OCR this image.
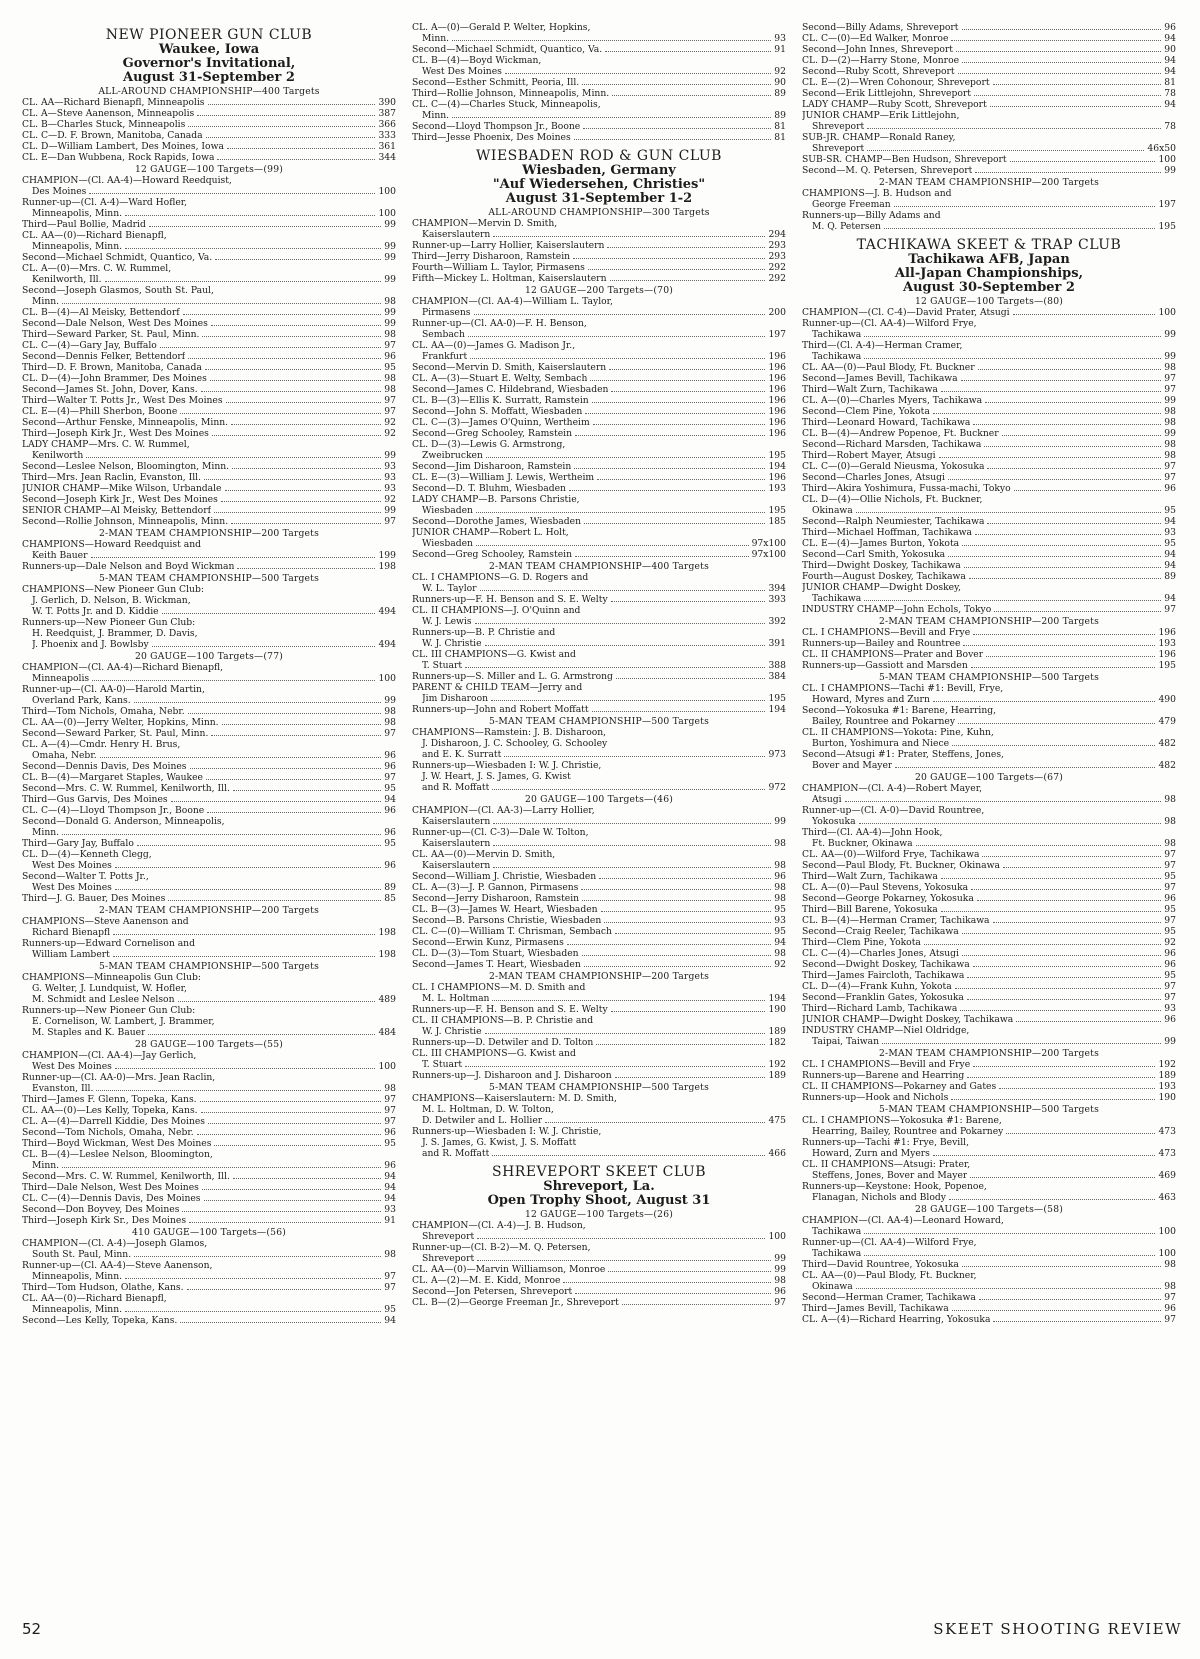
NEW PIONEER GUN CLUB
Waukee, Iowa
Governor's Invitational,
August 31-September 2
ALL-AROUND CHAMPIONSHIP—400 Targets
CL. AA—Richard Bienapfl, Minneapolis	390
CL. A—Steve Aanenson, Minneapolis	387
CL. B—Charles Stuck, Minneapolis	366
CL. C—D. F. Brown, Manitoba, Canada	333
CL. D—William Lambert, Des Moines, Iowa	361
CL. E—Dan Wubbena, Rock Rapids, Iowa	344
12 GAUGE—100 Targets—(99)
CHAMPION—(Cl. AA-4)—Howard Reedquist,
Des Moines	100
Runner-up—(Cl. A-4)—Ward Hofler,
Minneapolis, Minn.	100
Third—Paul Bollie, Madrid	99
CL. AA—(0)—Richard Bienapfl,
Minneapolis, Minn.	99
Second—Michael Schmidt, Quantico, Va.	99
CL. A—(0)—Mrs. C. W. Rummel,
Kenilworth, Ill.	99
Second—Joseph Glasmos, South St. Paul,
Minn.	98
CL. B—(4)—Al Meisky, Bettendorf	99
Second—Dale Nelson, West Des Moines	99
Third—Seward Parker, St. Paul, Minn.	98
CL. C—(4)—Gary Jay, Buffalo	97
Second—Dennis Felker, Bettendorf	96
Third—D. F. Brown, Manitoba, Canada	95
CL. D—(4)—John Brammer, Des Moines	98
Second—James St. John, Dover, Kans.	98
Third—Walter T. Potts Jr., West Des Moines	97
CL. E—(4)—Phill Sherbon, Boone	97
Second—Arthur Fenske, Minneapolis, Minn.	92
Third—Joseph Kirk Jr., West Des Moines	92
LADY CHAMP—Mrs. C. W. Rummel,
Kenilworth	99
Second—Leslee Nelson, Bloomington, Minn.	93
Third—Mrs. Jean Raclin, Evanston, Ill.	93
JUNIOR CHAMP—Mike Wilson, Urbandale	93
Second—Joseph Kirk Jr., West Des Moines	92
SENIOR CHAMP—Al Meisky, Bettendorf	99
Second—Rollie Johnson, Minneapolis, Minn.	97
2-MAN TEAM CHAMPIONSHIP—200 Targets
CHAMPIONS—Howard Reedquist and
Keith Bauer	199
Runners-up—Dale Nelson and Boyd Wickman	198
5-MAN TEAM CHAMPIONSHIP—500 Targets
CHAMPIONS—New Pioneer Gun Club:
J. Gerlich, D. Nelson, B. Wickman,
W. T. Potts Jr. and D. Kiddie	494
Runners-up—New Pioneer Gun Club:
H. Reedquist, J. Brammer, D. Davis,
J. Phoenix and J. Bowlsby	494
20 GAUGE—100 Targets—(77)
CHAMPION—(Cl. AA-4)—Richard Bienapfl,
Minneapolis	100
Runner-up—(Cl. AA-0)—Harold Martin,
Overland Park, Kans.	99
Third—Tom Nichols, Omaha, Nebr.	98
CL. AA—(0)—Jerry Welter, Hopkins, Minn.	98
Second—Seward Parker, St. Paul, Minn.	97
CL. A—(4)—Cmdr. Henry H. Brus,
Omaha, Nebr.	96
Second—Dennis Davis, Des Moines	96
CL. B—(4)—Margaret Staples, Waukee	97
Second—Mrs. C. W. Rummel, Kenilworth, Ill.	95
Third—Gus Garvis, Des Moines	94
CL. C—(4)—Lloyd Thompson Jr., Boone	96
Second—Donald G. Anderson, Minneapolis,
Minn.	96
Third—Gary Jay, Buffalo	95
CL. D—(4)—Kenneth Clegg,
West Des Moines	96
Second—Walter T. Potts Jr.,
West Des Moines	89
Third—J. G. Bauer, Des Moines	85
2-MAN TEAM CHAMPIONSHIP—200 Targets
CHAMPIONS—Steve Aanenson and
Richard Bienapfl	198
Runners-up—Edward Cornelison and
William Lambert	198
5-MAN TEAM CHAMPIONSHIP—500 Targets
CHAMPIONS—Minneapolis Gun Club:
G. Welter, J. Lundquist, W. Hofler,
M. Schmidt and Leslee Nelson	489
Runners-up—New Pioneer Gun Club:
E. Cornelison, W. Lambert, J. Brammer,
M. Staples and K. Bauer	484
28 GAUGE—100 Targets—(55)
CHAMPION—(Cl. AA-4)—Jay Gerlich,
West Des Moines	100
Runner-up—(Cl. AA-0)—Mrs. Jean Raclin,
Evanston, Ill.	98
Third—James F. Glenn, Topeka, Kans.	97
CL. AA—(0)—Les Kelly, Topeka, Kans.	97
CL. A—(4)—Darrell Kiddie, Des Moines	97
Second—Tom Nichols, Omaha, Nebr.	96
Third—Boyd Wickman, West Des Moines	95
CL. B—(4)—Leslee Nelson, Bloomington,
Minn.	96
Second—Mrs. C. W. Rummel, Kenilworth, Ill.	94
Third—Dale Nelson, West Des Moines	94
CL. C—(4)—Dennis Davis, Des Moines	94
Second—Don Boyvey, Des Moines	93
Third—Joseph Kirk Sr., Des Moines	91
410 GAUGE—100 Targets—(56)
CHAMPION—(Cl. A-4)—Joseph Glamos,
South St. Paul, Minn.	98
Runner-up—(Cl. AA-4)—Steve Aanenson,
Minneapolis, Minn.	97
Third—Tom Hudson, Olathe, Kans.	97
CL. AA—(0)—Richard Bienapfl,
Minneapolis, Minn.	95
Second—Les Kelly, Topeka, Kans.	94
CL. A—(0)—Gerald P. Welter, Hopkins,
Minn.	93
Second—Michael Schmidt, Quantico, Va.	91
CL. B—(4)—Boyd Wickman,
West Des Moines	92
Second—Esther Schmitt, Peoria, Ill.	90
Third—Rollie Johnson, Minneapolis, Minn.	89
CL. C—(4)—Charles Stuck, Minneapolis,
Minn.	89
Second—Lloyd Thompson Jr., Boone	81
Third—Jesse Phoenix, Des Moines	81
WIESBADEN ROD & GUN CLUB
Wiesbaden, Germany
"Auf Wiedersehen, Christies"
August 31-September 1-2
ALL-AROUND CHAMPIONSHIP—300 Targets
CHAMPION—Mervin D. Smith,
Kaiserslautern	294
Runner-up—Larry Hollier, Kaiserslautern	293
Third—Jerry Disharoon, Ramstein	293
Fourth—William L. Taylor, Pirmasens	292
Fifth—Mickey L. Holtman, Kaiserslautern	292
12 GAUGE—200 Targets—(70)
CHAMPION—(Cl. AA-4)—William L. Taylor,
Pirmasens	200
Runner-up—(Cl. AA-0)—F. H. Benson,
Sembach	197
CL. AA—(0)—James G. Madison Jr.,
Frankfurt	196
Second—Mervin D. Smith, Kaiserslautern	196
CL. A—(3)—Stuart E. Welty, Sembach	196
Second—James C. Hildebrand, Wiesbaden	196
CL. B—(3)—Ellis K. Surratt, Ramstein	196
Second—John S. Moffatt, Wiesbaden	196
CL. C—(3)—James O'Quinn, Wertheim	196
Second—Greg Schooley, Ramstein	196
CL. D—(3)—Lewis G. Armstrong,
Zweibrucken	195
Second—Jim Disharoon, Ramstein	194
CL. E—(3)—William J. Lewis, Wertheim	196
Second—D. T. Bluhm, Wiesbaden	193
LADY CHAMP—B. Parsons Christie,
Wiesbaden	195
Second—Dorothe James, Wiesbaden	185
JUNIOR CHAMP—Robert L. Holt,
Wiesbaden	97x100
Second—Greg Schooley, Ramstein	97x100
2-MAN TEAM CHAMPIONSHIP—400 Targets
CL. I CHAMPIONS—G. D. Rogers and
W. L. Taylor	394
Runners-up—F. H. Benson and S. E. Welty	393
CL. II CHAMPIONS—J. O'Quinn and
W. J. Lewis	392
Runners-up—B. P. Christie and
W. J. Christie	391
CL. III CHAMPIONS—G. Kwist and
T. Stuart	388
Runners-up—S. Miller and L. G. Armstrong	384
PARENT & CHILD TEAM—Jerry and
Jim Disharoon	195
Runners-up—John and Robert Moffatt	194
5-MAN TEAM CHAMPIONSHIP—500 Targets
CHAMPIONS—Ramstein: J. B. Disharoon,
J. Disharoon, J. C. Schooley, G. Schooley
and E. K. Surratt	973
Runners-up—Wiesbaden I: W. J. Christie,
J. W. Heart, J. S. James, G. Kwist
and R. Moffatt	972
20 GAUGE—100 Targets—(46)
CHAMPION—(Cl. AA-3)—Larry Hollier,
Kaiserslautern	99
Runner-up—(Cl. C-3)—Dale W. Tolton,
Kaiserslautern	98
CL. AA—(0)—Mervin D. Smith,
Kaiserslautern	98
Second—William J. Christie, Wiesbaden	96
CL. A—(3)—J. P. Gannon, Pirmasens	98
Second—Jerry Disharoon, Ramstein	98
CL. B—(3)—James W. Heart, Wiesbaden	95
Second—B. Parsons Christie, Wiesbaden	93
CL. C—(0)—William T. Chrisman, Sembach	95
Second—Erwin Kunz, Pirmasens	94
CL. D—(3)—Tom Stuart, Wiesbaden	98
Second—James T. Heart, Wiesbaden	92
2-MAN TEAM CHAMPIONSHIP—200 Targets
CL. I CHAMPIONS—M. D. Smith and
M. L. Holtman	194
Runners-up—F. H. Benson and S. E. Welty	190
CL. II CHAMPIONS—B. P. Christie and
W. J. Christie	189
Runners-up—D. Detwiler and D. Tolton	182
CL. III CHAMPIONS—G. Kwist and
T. Stuart	192
Runners-up—J. Disharoon and J. Disharoon	189
5-MAN TEAM CHAMPIONSHIP—500 Targets
CHAMPIONS—Kaiserslautern: M. D. Smith,
M. L. Holtman, D. W. Tolton,
D. Detwiler and L. Hollier	475
Runners-up—Wiesbaden I: W. J. Christie,
J. S. James, G. Kwist, J. S. Moffatt
and R. Moffatt	466
SHREVEPORT SKEET CLUB
Shreveport, La.
Open Trophy Shoot, August 31
12 GAUGE—100 Targets—(26)
CHAMPION—(Cl. A-4)—J. B. Hudson,
Shreveport	100
Runner-up—(Cl. B-2)—M. Q. Petersen,
Shreveport	99
CL. AA—(0)—Marvin Williamson, Monroe	99
CL. A—(2)—M. E. Kidd, Monroe	98
Second—Jon Petersen, Shreveport	96
CL. B—(2)—George Freeman Jr., Shreveport	97
Second—Billy Adams, Shreveport	96
CL. C—(0)—Ed Walker, Monroe	94
Second—John Innes, Shreveport	90
CL. D—(2)—Harry Stone, Monroe	94
Second—Ruby Scott, Shreveport	94
CL. E—(2)—Wren Cohonour, Shreveport	81
Second—Erik Littlejohn, Shreveport	78
LADY CHAMP—Ruby Scott, Shreveport	94
JUNIOR CHAMP—Erik Littlejohn,
Shreveport	78
SUB-JR. CHAMP—Ronald Raney,
Shreveport	46x50
SUB-SR. CHAMP—Ben Hudson, Shreveport	100
Second—M. Q. Petersen, Shreveport	99
2-MAN TEAM CHAMPIONSHIP—200 Targets
CHAMPIONS—J. B. Hudson and
George Freeman	197
Runners-up—Billy Adams and
M. Q. Petersen	195
TACHIKAWA SKEET & TRAP CLUB
Tachikawa AFB, Japan
All-Japan Championships,
August 30-September 2
12 GAUGE—100 Targets—(80)
CHAMPION—(Cl. C-4)—David Prater, Atsugi	100
Runner-up—(Cl. AA-4)—Wilford Frye,
Tachikawa	99
Third—(Cl. A-4)—Herman Cramer,
Tachikawa	99
CL. AA—(0)—Paul Blody, Ft. Buckner	98
Second—James Bevill, Tachikawa	97
Third—Walt Zurn, Tachikawa	97
CL. A—(0)—Charles Myers, Tachikawa	99
Second—Clem Pine, Yokota	98
Third—Leonard Howard, Tachikawa	98
CL. B—(4)—Andrew Popenoe, Ft. Buckner	99
Second—Richard Marsden, Tachikawa	98
Third—Robert Mayer, Atsugi	98
CL. C—(0)—Gerald Nieusma, Yokosuka	97
Second—Charles Jones, Atsugi	97
Third—Akira Yoshimura, Fussa-machi, Tokyo	96
CL. D—(4)—Ollie Nichols, Ft. Buckner,
Okinawa	95
Second—Ralph Neumiester, Tachikawa	94
Third—Michael Hoffman, Tachikawa	93
CL. E—(4)—James Burton, Yokota	95
Second—Carl Smith, Yokosuka	94
Third—Dwight Doskey, Tachikawa	94
Fourth—August Doskey, Tachikawa	89
JUNIOR CHAMP—Dwight Doskey,
Tachikawa	94
INDUSTRY CHAMP—John Echols, Tokyo	97
2-MAN TEAM CHAMPIONSHIP—200 Targets
CL. I CHAMPIONS—Bevill and Frye	196
Runners-up—Bailey and Rountree	193
CL. II CHAMPIONS—Prater and Bover	196
Runners-up—Gassiott and Marsden	195
5-MAN TEAM CHAMPIONSHIP—500 Targets
CL. I CHAMPIONS—Tachi #1: Bevill, Frye,
Howard, Myres and Zurn	490
Second—Yokosuka #1: Barene, Hearring,
Bailey, Rountree and Pokarney	479
CL. II CHAMPIONS—Yokota: Pine, Kuhn,
Burton, Yoshimura and Niece	482
Second—Atsugi #1: Prater, Steffens, Jones,
Bover and Mayer	482
20 GAUGE—100 Targets—(67)
CHAMPION—(Cl. A-4)—Robert Mayer,
Atsugi	98
Runner-up—(Cl. A-0)—David Rountree,
Yokosuka	98
Third—(Cl. AA-4)—John Hook,
Ft. Buckner, Okinawa	98
CL. AA—(0)—Wilford Frye, Tachikawa	97
Second—Paul Blody, Ft. Buckner, Okinawa	97
Third—Walt Zurn, Tachikawa	95
CL. A—(0)—Paul Stevens, Yokosuka	97
Second—George Pokarney, Yokosuka	96
Third—Bill Barene, Yokosuka	95
CL. B—(4)—Herman Cramer, Tachikawa	97
Second—Craig Reeler, Tachikawa	95
Third—Clem Pine, Yokota	92
CL. C—(4)—Charles Jones, Atsugi	96
Second—Dwight Doskey, Tachikawa	96
Third—James Faircloth, Tachikawa	95
CL. D—(4)—Frank Kuhn, Yokota	97
Second—Franklin Gates, Yokosuka	97
Third—Richard Lamb, Tachikawa	93
JUNIOR CHAMP—Dwight Doskey, Tachikawa	96
INDUSTRY CHAMP—Niel Oldridge,
Taipai, Taiwan	99
2-MAN TEAM CHAMPIONSHIP—200 Targets
CL. I CHAMPIONS—Bevill and Frye	192
Runners-up—Barene and Hearring	189
CL. II CHAMPIONS—Pokarney and Gates	193
Runners-up—Hook and Nichols	190
5-MAN TEAM CHAMPIONSHIP—500 Targets
CL. I CHAMPIONS—Yokosuka #1: Barene,
Hearring, Bailey, Rountree and Pokarney	473
Runners-up—Tachi #1: Frye, Bevill,
Howard, Zurn and Myers	473
CL. II CHAMPIONS—Atsugi: Prater,
Steffens, Jones, Bover and Mayer	469
Runners-up—Keystone: Hook, Popenoe,
Flanagan, Nichols and Blody	463
28 GAUGE—100 Targets—(58)
CHAMPION—(Cl. AA-4)—Leonard Howard,
Tachikawa	100
Runner-up—(Cl. AA-4)—Wilford Frye,
Tachikawa	100
Third—David Rountree, Yokosuka	98
CL. AA—(0)—Paul Blody, Ft. Buckner,
Okinawa	98
Second—Herman Cramer, Tachikawa	97
Third—James Bevill, Tachikawa	96
CL. A—(4)—Richard Hearring, Yokosuka	97
52	SKEET SHOOTING REVIEW
